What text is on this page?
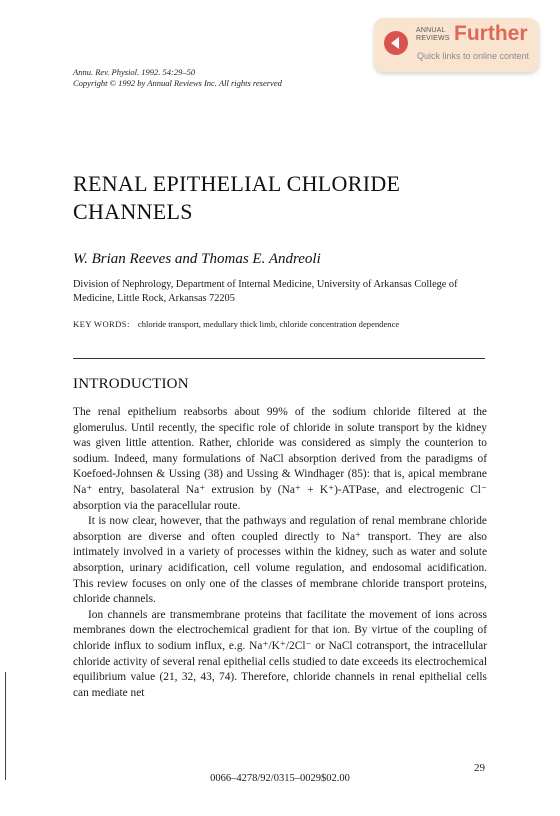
ANNUAL
REVIEWS Further
Quick links to online content
Annu. Rev. Physiol. 1992. 54:29–50
Copyright © 1992 by Annual Reviews Inc. All rights reserved
RENAL EPITHELIAL CHLORIDE CHANNELS
W. Brian Reeves and Thomas E. Andreoli
Division of Nephrology, Department of Internal Medicine, University of Arkansas College of Medicine, Little Rock, Arkansas 72205
KEY WORDS: chloride transport, medullary thick limb, chloride concentration dependence
INTRODUCTION

The renal epithelium reabsorbs about 99% of the sodium chloride filtered at the glomerulus. Until recently, the specific role of chloride in solute transport by the kidney was given little attention. Rather, chloride was considered as simply the counterion to sodium. Indeed, many formulations of NaCl absorption derived from the paradigms of Koefoed-Johnsen & Ussing (38) and Ussing & Windhager (85): that is, apical membrane Na⁺ entry, basolateral Na⁺ extrusion by (Na⁺ + K⁺)-ATPase, and electrogenic Cl⁻ absorption via the paracellular route.

It is now clear, however, that the pathways and regulation of renal membrane chloride absorption are diverse and often coupled directly to Na⁺ transport. They are also intimately involved in a variety of processes within the kidney, such as water and solute absorption, urinary acidification, cell volume regulation, and endosomal acidification. This review focuses on only one of the classes of membrane chloride transport proteins, chloride channels.

Ion channels are transmembrane proteins that facilitate the movement of ions across membranes down the electrochemical gradient for that ion. By virtue of the coupling of chloride influx to sodium influx, e.g. Na⁺/K⁺/2Cl⁻ or NaCl cotransport, the intracellular chloride activity of several renal epithelial cells studied to date exceeds its electrochemical equilibrium value (21, 32, 43, 74). Therefore, chloride channels in renal epithelial cells can mediate net

29
0066–4278/92/0315–0029$02.00
